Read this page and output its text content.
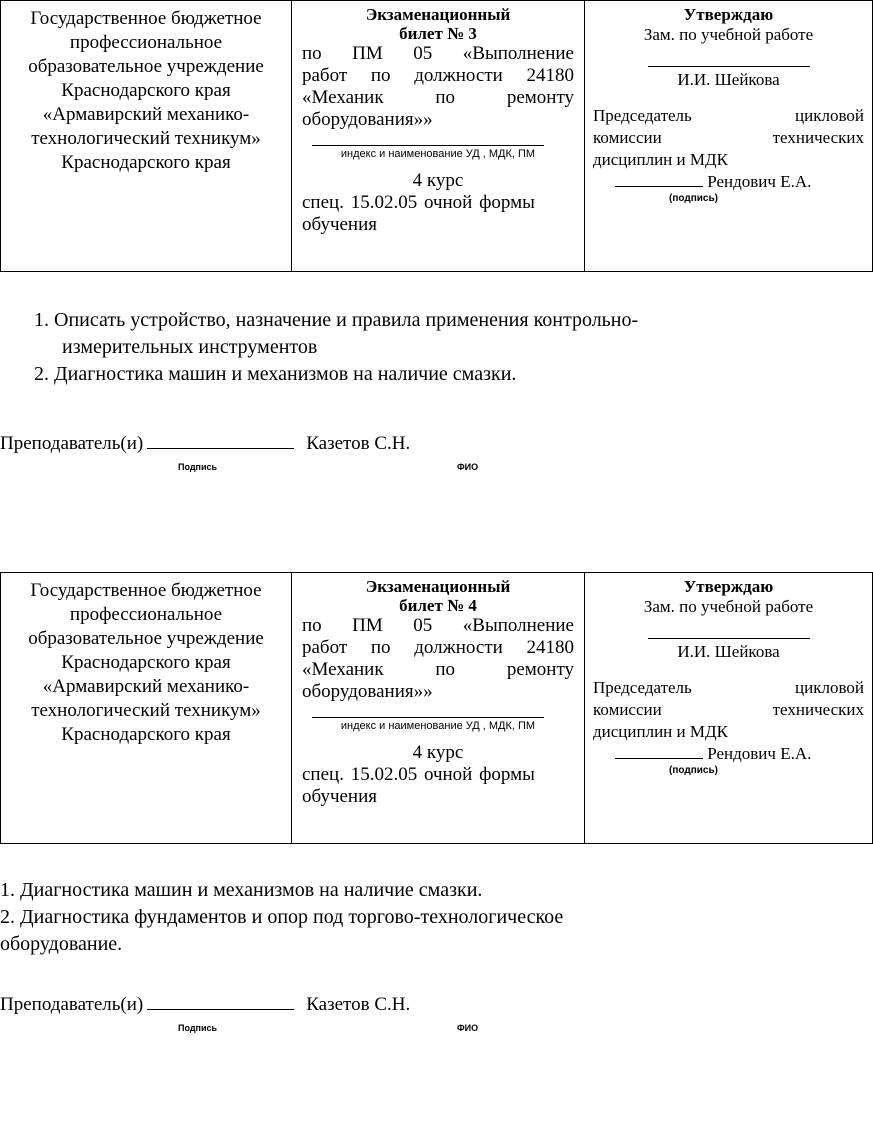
Государственное бюджетное профессиональное образовательное учреждение Краснодарского края «Армавирский механико-технологический техникум» Краснодарского края

Экзаменационный
билет № 3
по ПМ 05 «Выполнение
работ по должности 24180
«Механик по ремонту
оборудования»»
индекс и наименование УД , МДК, ПМ
4 курс
спец. 15.02.05 очной формы обучения

Утверждаю
Зам. по учебной работе
И.И. Шейкова
Председатель цикловой
комиссии технических
дисциплин и МДК
Рендович Е.А.
(подпись)
1. Описать устройство, назначение и правила применения контрольно-
измерительных инструментов
2. Диагностика машин и механизмов на наличие смазки.
Преподаватель(и)	Казетов С.Н.
Подпись	ФИО
Государственное бюджетное профессиональное образовательное учреждение Краснодарского края «Армавирский механико-технологический техникум» Краснодарского края

Экзаменационный
билет № 4
по ПМ 05 «Выполнение
работ по должности 24180
«Механик по ремонту
оборудования»»
индекс и наименование УД , МДК, ПМ
4 курс
спец. 15.02.05 очной формы обучения

Утверждаю
Зам. по учебной работе
И.И. Шейкова
Председатель цикловой
комиссии технических
дисциплин и МДК
Рендович Е.А.
(подпись)
1. Диагностика машин и механизмов на наличие смазки.
2. Диагностика фундаментов и опор под торгово-технологическое
оборудование.
Преподаватель(и)	Казетов С.Н.
Подпись	ФИО
